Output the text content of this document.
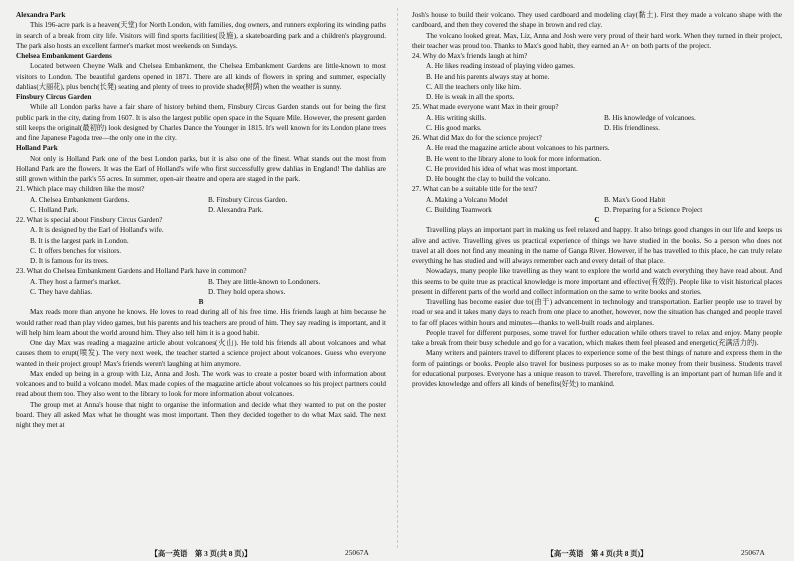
Alexandra Park

This 196-acre park is a heaven(天堂) for North London, with families, dog owners, and runners exploring its winding paths in search of a break from city life. Visitors will find sports facilities(设施), a skateboarding park and a children's playground. The park also hosts an excellent farmer's market most weekends on Sundays.

Chelsea Embankment Gardens

Located between Cheyne Walk and Chelsea Embankment, the Chelsea Embankment Gardens are little-known to most visitors to London. The beautiful gardens opened in 1871. There are all kinds of flowers in spring and summer, especially dahlias(大丽花), plus bench(长凳) seating and plenty of trees to provide shade(树荫) when the weather is sunny.

Finsbury Circus Garden

While all London parks have a fair share of history behind them, Finsbury Circus Garden stands out for being the first public park in the city, dating from 1607. It is also the largest public open space in the Square Mile. However, the present garden still keeps the original(最初的) look designed by Charles Dance the Younger in 1815. It's well known for its London plane trees and fine Japanese Pagoda tree—the only one in the city.

Holland Park

Not only is Holland Park one of the best London parks, but it is also one of the finest. What stands out the most from Holland Park are the flowers. It was the Earl of Holland's wife who first successfully grew dahlias in England! The dahlias are still grown within the park's 55 acres. In summer, open-air theatre and opera are staged in the park.

21. Which place may children like the most?

A. Chelsea Embankment Gardens.	B. Finsbury Circus Garden.
C. Holland Park.	D. Alexandra Park.

22. What is special about Finsbury Circus Garden?

A. It is designed by the Earl of Holland's wife.

B. It is the largest park in London.

C. It offers benches for visitors.

D. It is famous for its trees.

23. What do Chelsea Embankment Gardens and Holland Park have in common?

A. They host a farmer's market.	B. They are little-known to Londoners.
C. They have dahlias.	D. They hold opera shows.

B

Max reads more than anyone he knows. He loves to read during all of his free time. His friends laugh at him because he would rather read than play video games, but his parents and his teachers are proud of him. They say reading is important, and it will help him learn about the world around him. They also tell him it is a good habit.

One day Max was reading a magazine article about volcanoes(火山). He told his friends all about volcanoes and what causes them to erupt(喷发). The very next week, the teacher started a science project about volcanoes. Guess who everyone wanted in their project group! Max's friends weren't laughing at him anymore.

Max ended up being in a group with Liz, Anna and Josh. The work was to create a poster board with information about volcanoes and to build a volcano model. Max made copies of the magazine article about volcanoes so his project partners could read about them too. They also went to the library to look for more information about volcanoes.

The group met at Anna's house that night to organise the information and decide what they wanted to put on the poster board. They all asked Max what he thought was most important. Then they decided together to do what Max said. The next night they met at

【高一英语　第 3 页(共 8 页)】	25067A

Josh's house to build their volcano. They used cardboard and modeling clay(黏土). First they made a volcano shape with the cardboard, and then they covered the shape in brown and red clay.

The volcano looked great. Max, Liz, Anna and Josh were very proud of their hard work. When they turned in their project, their teacher was proud too. Thanks to Max's good habit, they earned an A+ on both parts of the project.

24. Why do Max's friends laugh at him?

A. He likes reading instead of playing video games.

B. He and his parents always stay at home.

C. All the teachers only like him.

D. He is weak in all the sports.

25. What made everyone want Max in their group?

A. His writing skills.	B. His knowledge of volcanoes.
C. His good marks.	D. His friendliness.

26. What did Max do for the science project?

A. He read the magazine article about volcanoes to his partners.

B. He went to the library alone to look for more information.

C. He provided his idea of what was most important.

D. He bought the clay to build the volcano.

27. What can be a suitable title for the text?

A. Making a Volcano Model	B. Max's Good Habit
C. Building Teamwork	D. Preparing for a Science Project

C

Travelling plays an important part in making us feel relaxed and happy. It also brings good changes in our life and keeps us alive and active. Travelling gives us practical experience of things we have studied in the books. So a person who does not travel at all does not find any meaning in the name of Ganga River. However, if he has travelled to this place, he can truly relate everything he has studied and will always remember each and every detail of that place.

Nowadays, many people like travelling as they want to explore the world and watch everything they have read about. And this seems to be quite true as practical knowledge is more important and effective(有效的). People like to visit historical places present in different parts of the world and collect information on the same to write books and stories.

Travelling has become easier due to(由于) advancement in technology and transportation. Earlier people use to travel by road or sea and it takes many days to reach from one place to another, however, now the situation has changed and people travel to far off places within hours and minutes—thanks to well-built roads and airplanes.

People travel for different purposes, some travel for further education while others travel to relax and enjoy. Many people take a break from their busy schedule and go for a vacation, which makes them feel pleased and energetic(充满活力的).

Many writers and painters travel to different places to experience some of the best things of nature and express them in the form of paintings or books. People also travel for business purposes so as to make money from their business. Students travel for educational purposes. Everyone has a unique reason to travel. Therefore, travelling is an important part of human life and it provides knowledge and offers all kinds of benefits(好处) to mankind.

【高一英语　第 4 页(共 8 页)】	25067A
